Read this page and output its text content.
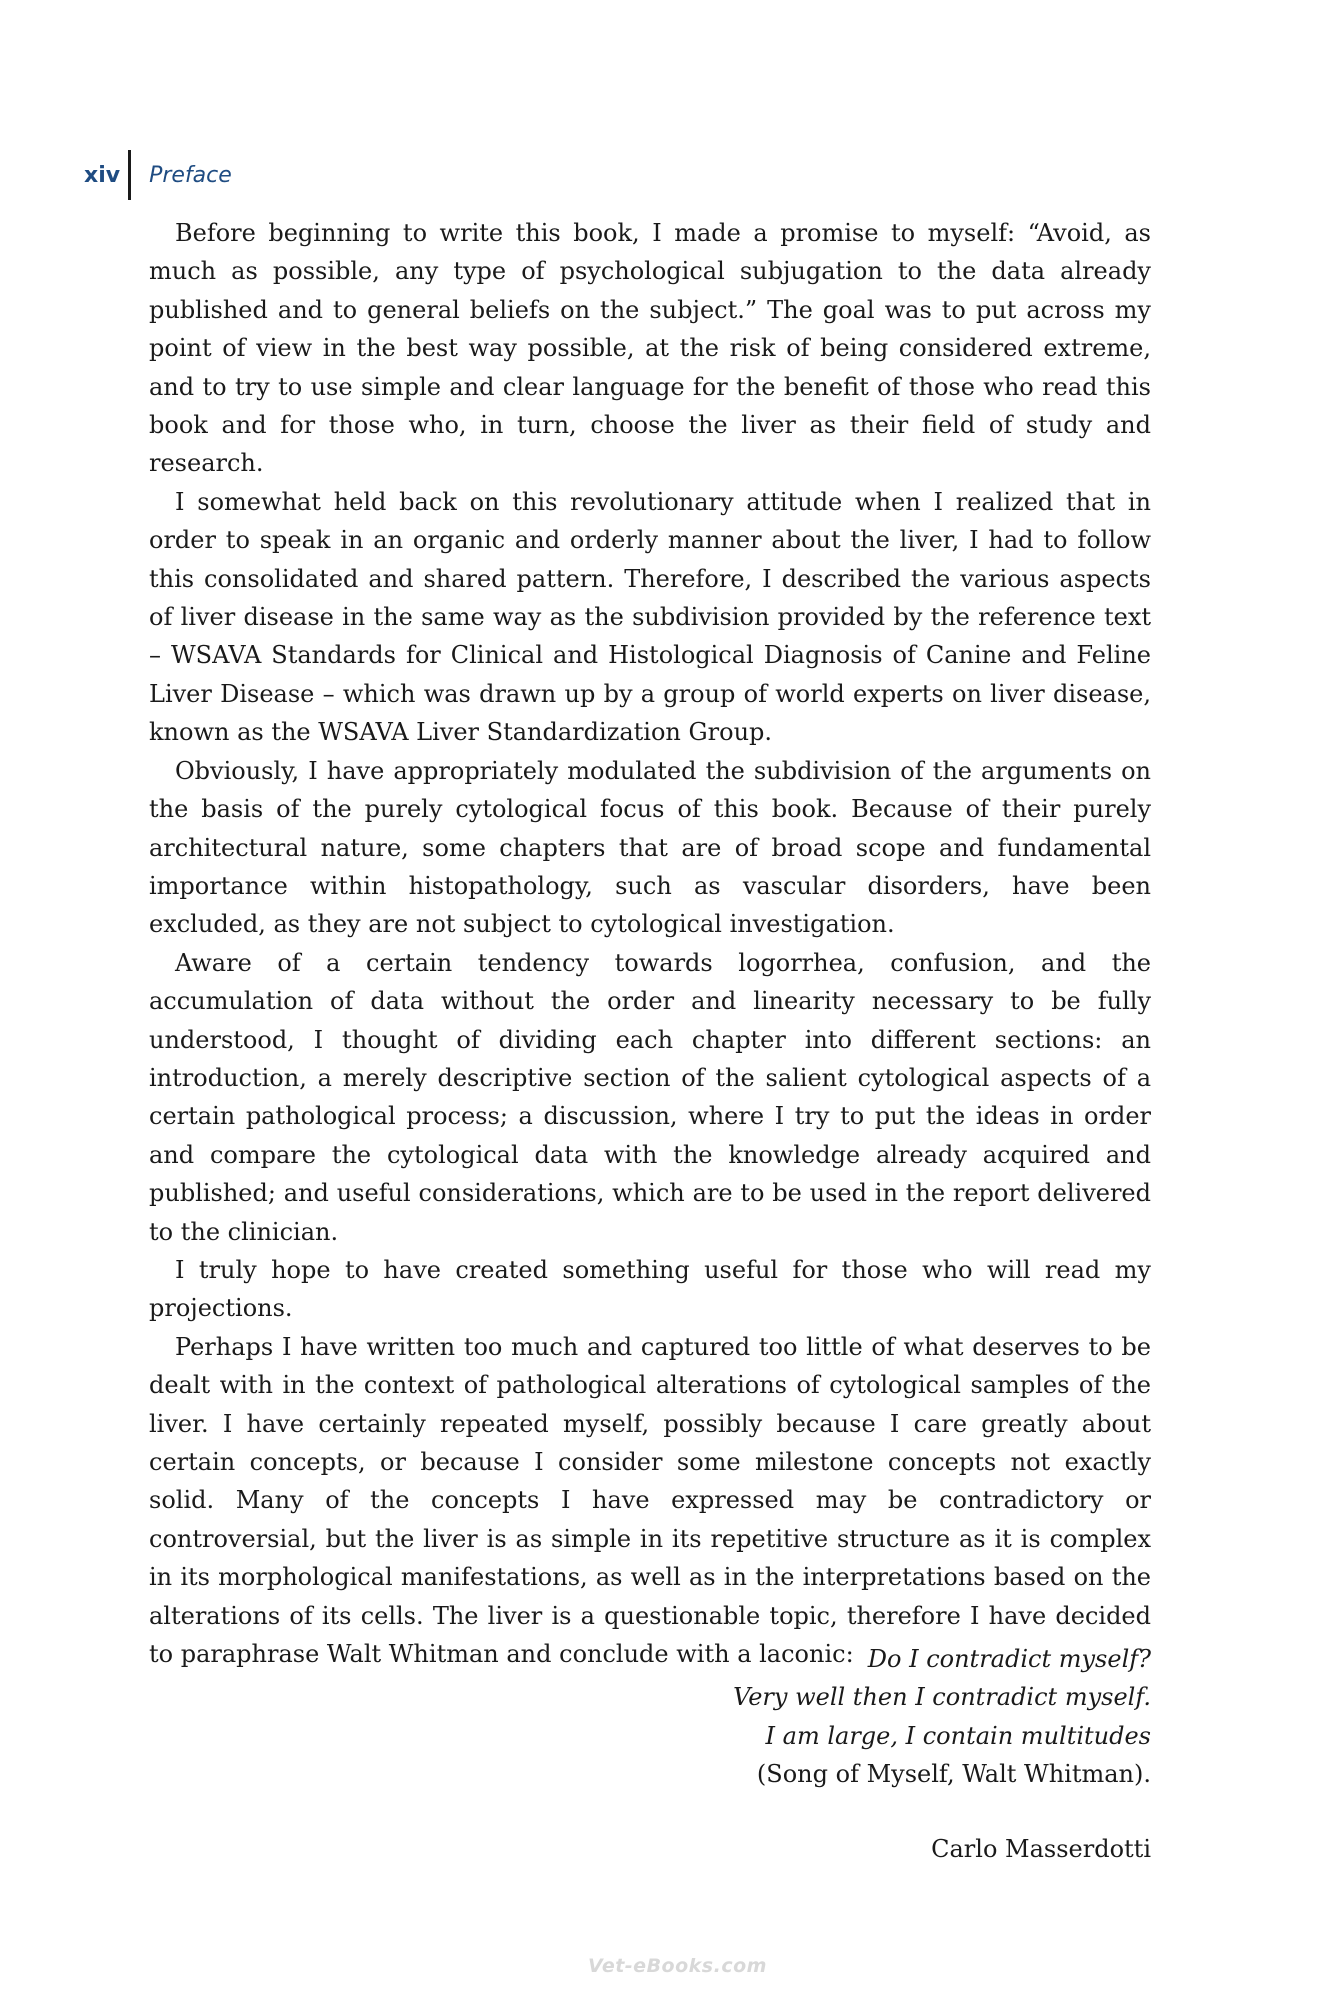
xiv Preface

Before beginning to write this book, I made a promise to myself: “Avoid, as much as possible, any type of psychological subjugation to the data already published and to general beliefs on the subject.” The goal was to put across my point of view in the best way possible, at the risk of being considered extreme, and to try to use simple and clear language for the benefit of those who read this book and for those who, in turn, choose the liver as their field of study and research.

I somewhat held back on this revolutionary attitude when I realized that in order to speak in an organic and orderly manner about the liver, I had to follow this consolidated and shared pattern. Therefore, I described the various aspects of liver disease in the same way as the subdivision provided by the reference text – WSAVA Standards for Clinical and Histological Diagnosis of Canine and Feline Liver Disease – which was drawn up by a group of world experts on liver disease, known as the WSAVA Liver Standardization Group.

Obviously, I have appropriately modulated the subdivision of the arguments on the basis of the purely cytological focus of this book. Because of their purely architectural nature, some chapters that are of broad scope and fundamental importance within histopathology, such as vascular disorders, have been excluded, as they are not subject to cytological investigation.

Aware of a certain tendency towards logorrhea, confusion, and the accumulation of data without the order and linearity necessary to be fully understood, I thought of dividing each chapter into different sections: an introduction, a merely descriptive section of the salient cytological aspects of a certain pathological process; a discussion, where I try to put the ideas in order and compare the cytological data with the knowledge already acquired and published; and useful considerations, which are to be used in the report delivered to the clinician.

I truly hope to have created something useful for those who will read my projections.

Perhaps I have written too much and captured too little of what deserves to be dealt with in the context of pathological alterations of cytological samples of the liver. I have certainly repeated myself, possibly because I care greatly about certain concepts, or because I consider some milestone concepts not exactly solid. Many of the concepts I have expressed may be contradictory or controversial, but the liver is as simple in its repetitive structure as it is complex in its morphological manifestations, as well as in the interpretations based on the alterations of its cells. The liver is a questionable topic, therefore I have decided to paraphrase Walt Whitman and conclude with a laconic: Do I contradict myself?
Very well then I contradict myself.
I am large, I contain multitudes
(Song of Myself, Walt Whitman).
Carlo Masserdotti
Vet-eBooks.com
